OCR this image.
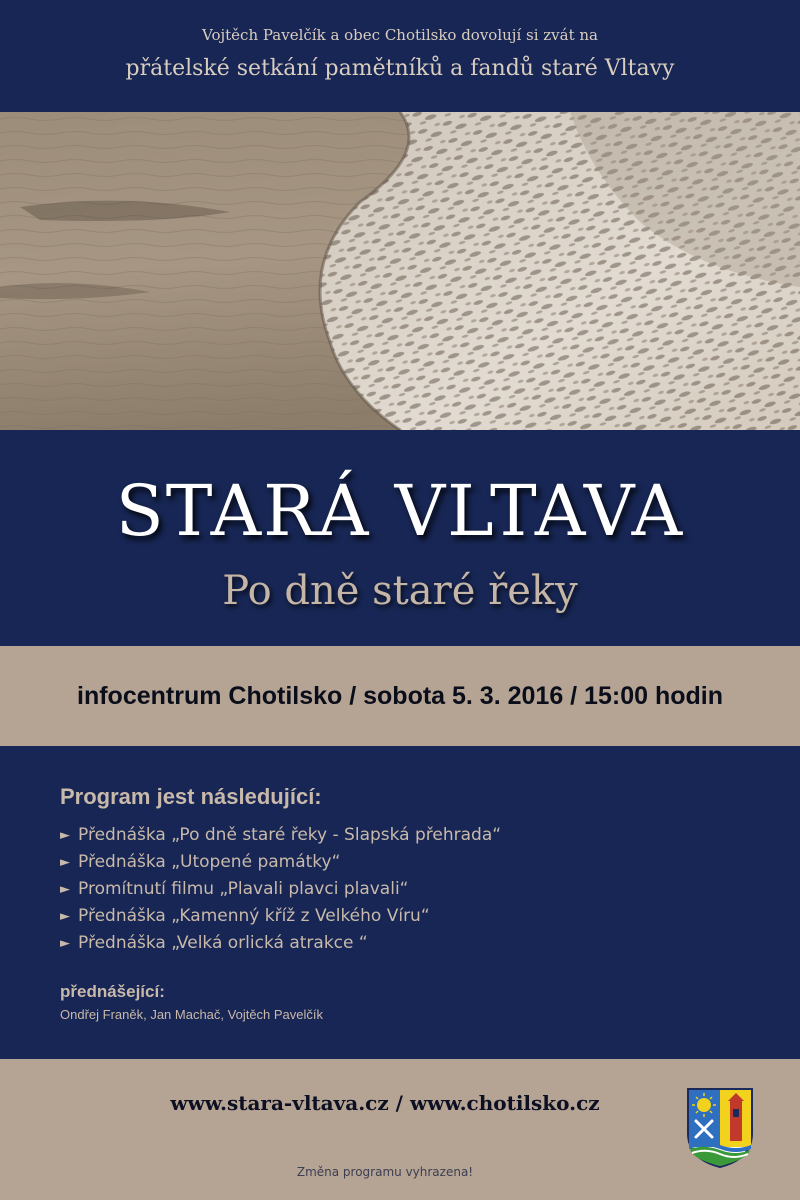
Vojtěch Pavelčík a obec Chotilsko dovolují si zvát na
přátelské setkání pamětníků a fandů staré Vltavy
STARÁ VLTAVA
Po dně staré řeky
infocentrum Chotilsko / sobota 5. 3. 2016 / 15:00 hodin
Program jest následující:
► Přednáška „Po dně staré řeky - Slapská přehrada“
► Přednáška „Utopené památky“
► Promítnutí filmu „Plavali plavci plavali“
► Přednáška „Kamenný kříž z Velkého Víru“
► Přednáška „Velká orlická atrakce “
přednášející:
Ondřej Franěk, Jan Machač, Vojtěch Pavelčík
www.stara-vltava.cz / www.chotilsko.cz
Změna programu vyhrazena!
